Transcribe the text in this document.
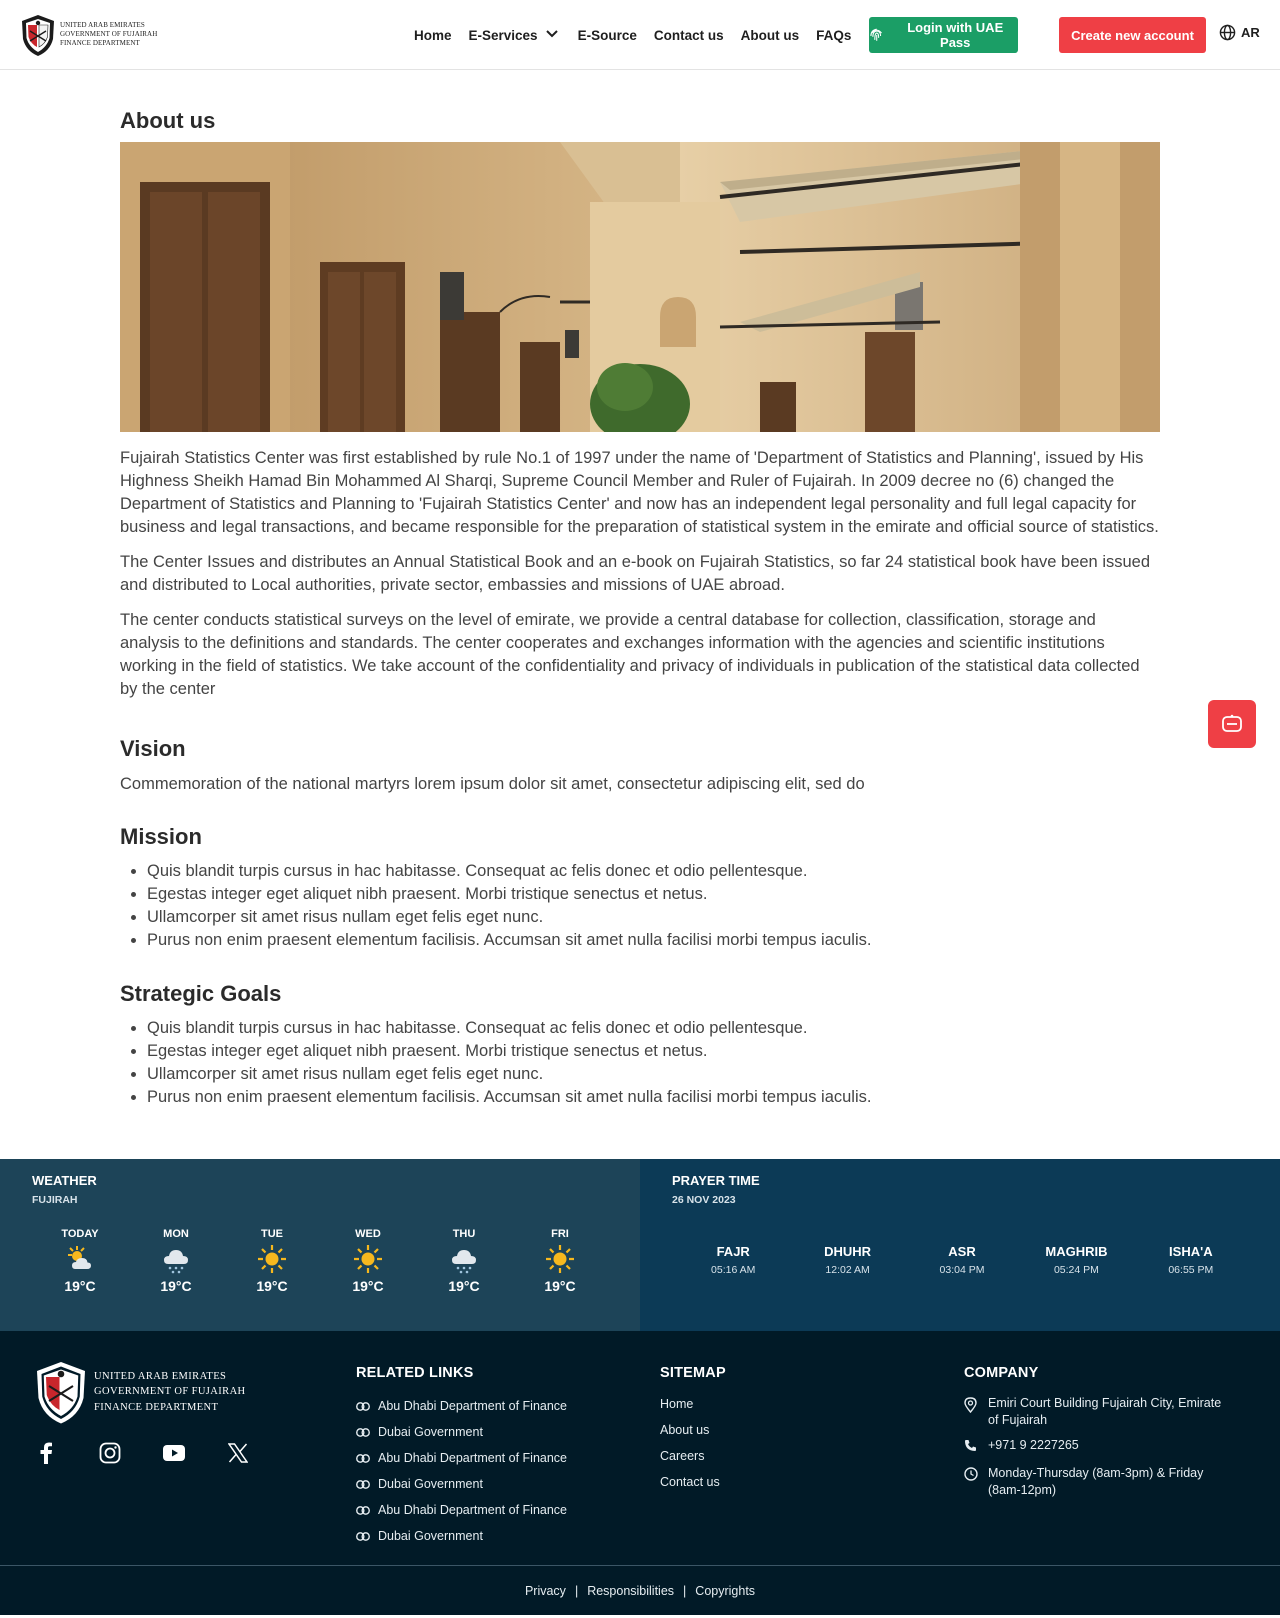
UNITED ARAB EMIRATES
GOVERNMENT OF FUJAIRAH
FINANCE DEPARTMENT
Home E-Services	E-Source Contact us About us FAQs	Login with UAE Pass	Create new account	AR
About us

Fujairah Statistics Center was first established by rule No.1 of 1997 under the name of 'Department of Statistics and Planning', issued by His Highness Sheikh Hamad Bin Mohammed Al Sharqi, Supreme Council Member and Ruler of Fujairah. In 2009 decree no (6) changed the Department of Statistics and Planning to 'Fujairah Statistics Center' and now has an independent legal personality and full legal capacity for business and legal transactions, and became responsible for the preparation of statistical system in the emirate and official source of statistics.

The Center Issues and distributes an Annual Statistical Book and an e-book on Fujairah Statistics, so far 24 statistical book have been issued and distributed to Local authorities, private sector, embassies and missions of UAE abroad.

The center conducts statistical surveys on the level of emirate, we provide a central database for collection, classification, storage and analysis to the definitions and standards. The center cooperates and exchanges information with the agencies and scientific institutions working in the field of statistics. We take account of the confidentiality and privacy of individuals in publication of the statistical data collected by the center

Vision

Commemoration of the national martyrs lorem ipsum dolor sit amet, consectetur adipiscing elit, sed do

Mission
• Quis blandit turpis cursus in hac habitasse. Consequat ac felis donec et odio pellentesque.
• Egestas integer eget aliquet nibh praesent. Morbi tristique senectus et netus.
• Ullamcorper sit amet risus nullam eget felis eget nunc.
• Purus non enim praesent elementum facilisis. Accumsan sit amet nulla facilisi morbi tempus iaculis.
Strategic Goals
• Quis blandit turpis cursus in hac habitasse. Consequat ac felis donec et odio pellentesque.
• Egestas integer eget aliquet nibh praesent. Morbi tristique senectus et netus.
• Ullamcorper sit amet risus nullam eget felis eget nunc.
• Purus non enim praesent elementum facilisis. Accumsan sit amet nulla facilisi morbi tempus iaculis.
WEATHER
FUJIRAH
TODAY
19°C
MON
19°C
TUE
19°C
WED
19°C
THU
19°C
FRI
19°C
PRAYER TIME
26 NOV 2023
FAJR
05:16 AM
DHUHR
12:02 AM
ASR
03:04 PM
MAGHRIB
05:24 PM
ISHA'A
06:55 PM
UNITED ARAB EMIRATES
GOVERNMENT OF FUJAIRAH
FINANCE DEPARTMENT
RELATED LINKS
Abu Dhabi Department of Finance
Dubai Government
Abu Dhabi Department of Finance
Dubai Government
Abu Dhabi Department of Finance
Dubai Government
SITEMAP
Home
About us
Careers
Contact us
COMPANY
Emiri Court Building Fujairah City, Emirate of Fujairah
+971 9 2227265
Monday-Thursday (8am-3pm) & Friday (8am-12pm)
Privacy | Responsibilities | Copyrights
